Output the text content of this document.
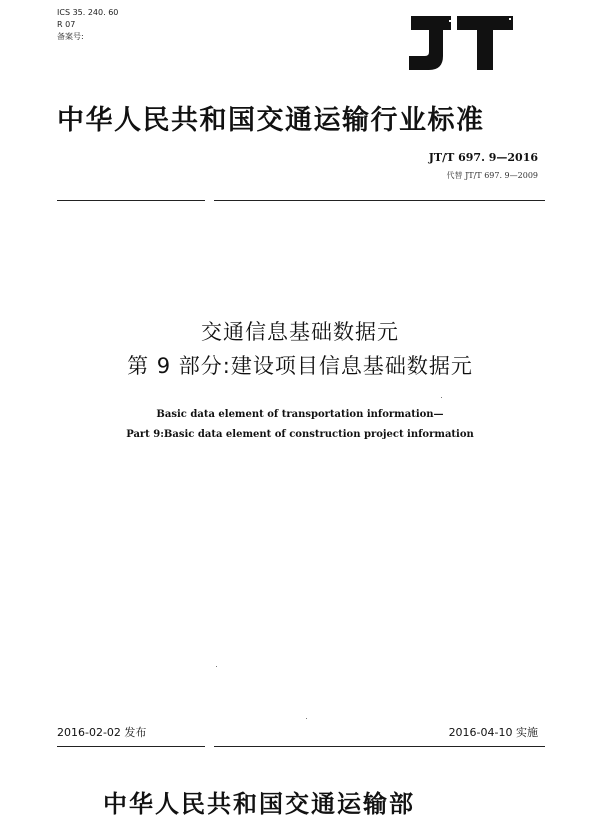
ICS 35. 240. 60
R 07
备案号:
中华人民共和国交通运输行业标准
JT/T 697. 9—2016
代替 JT/T 697. 9—2009
交通信息基础数据元
第 9 部分:建设项目信息基础数据元
Basic data element of transportation information—
Part 9:Basic data element of construction project information
2016-02-02 发布	2016-04-10 实施
中华人民共和国交通运输部
